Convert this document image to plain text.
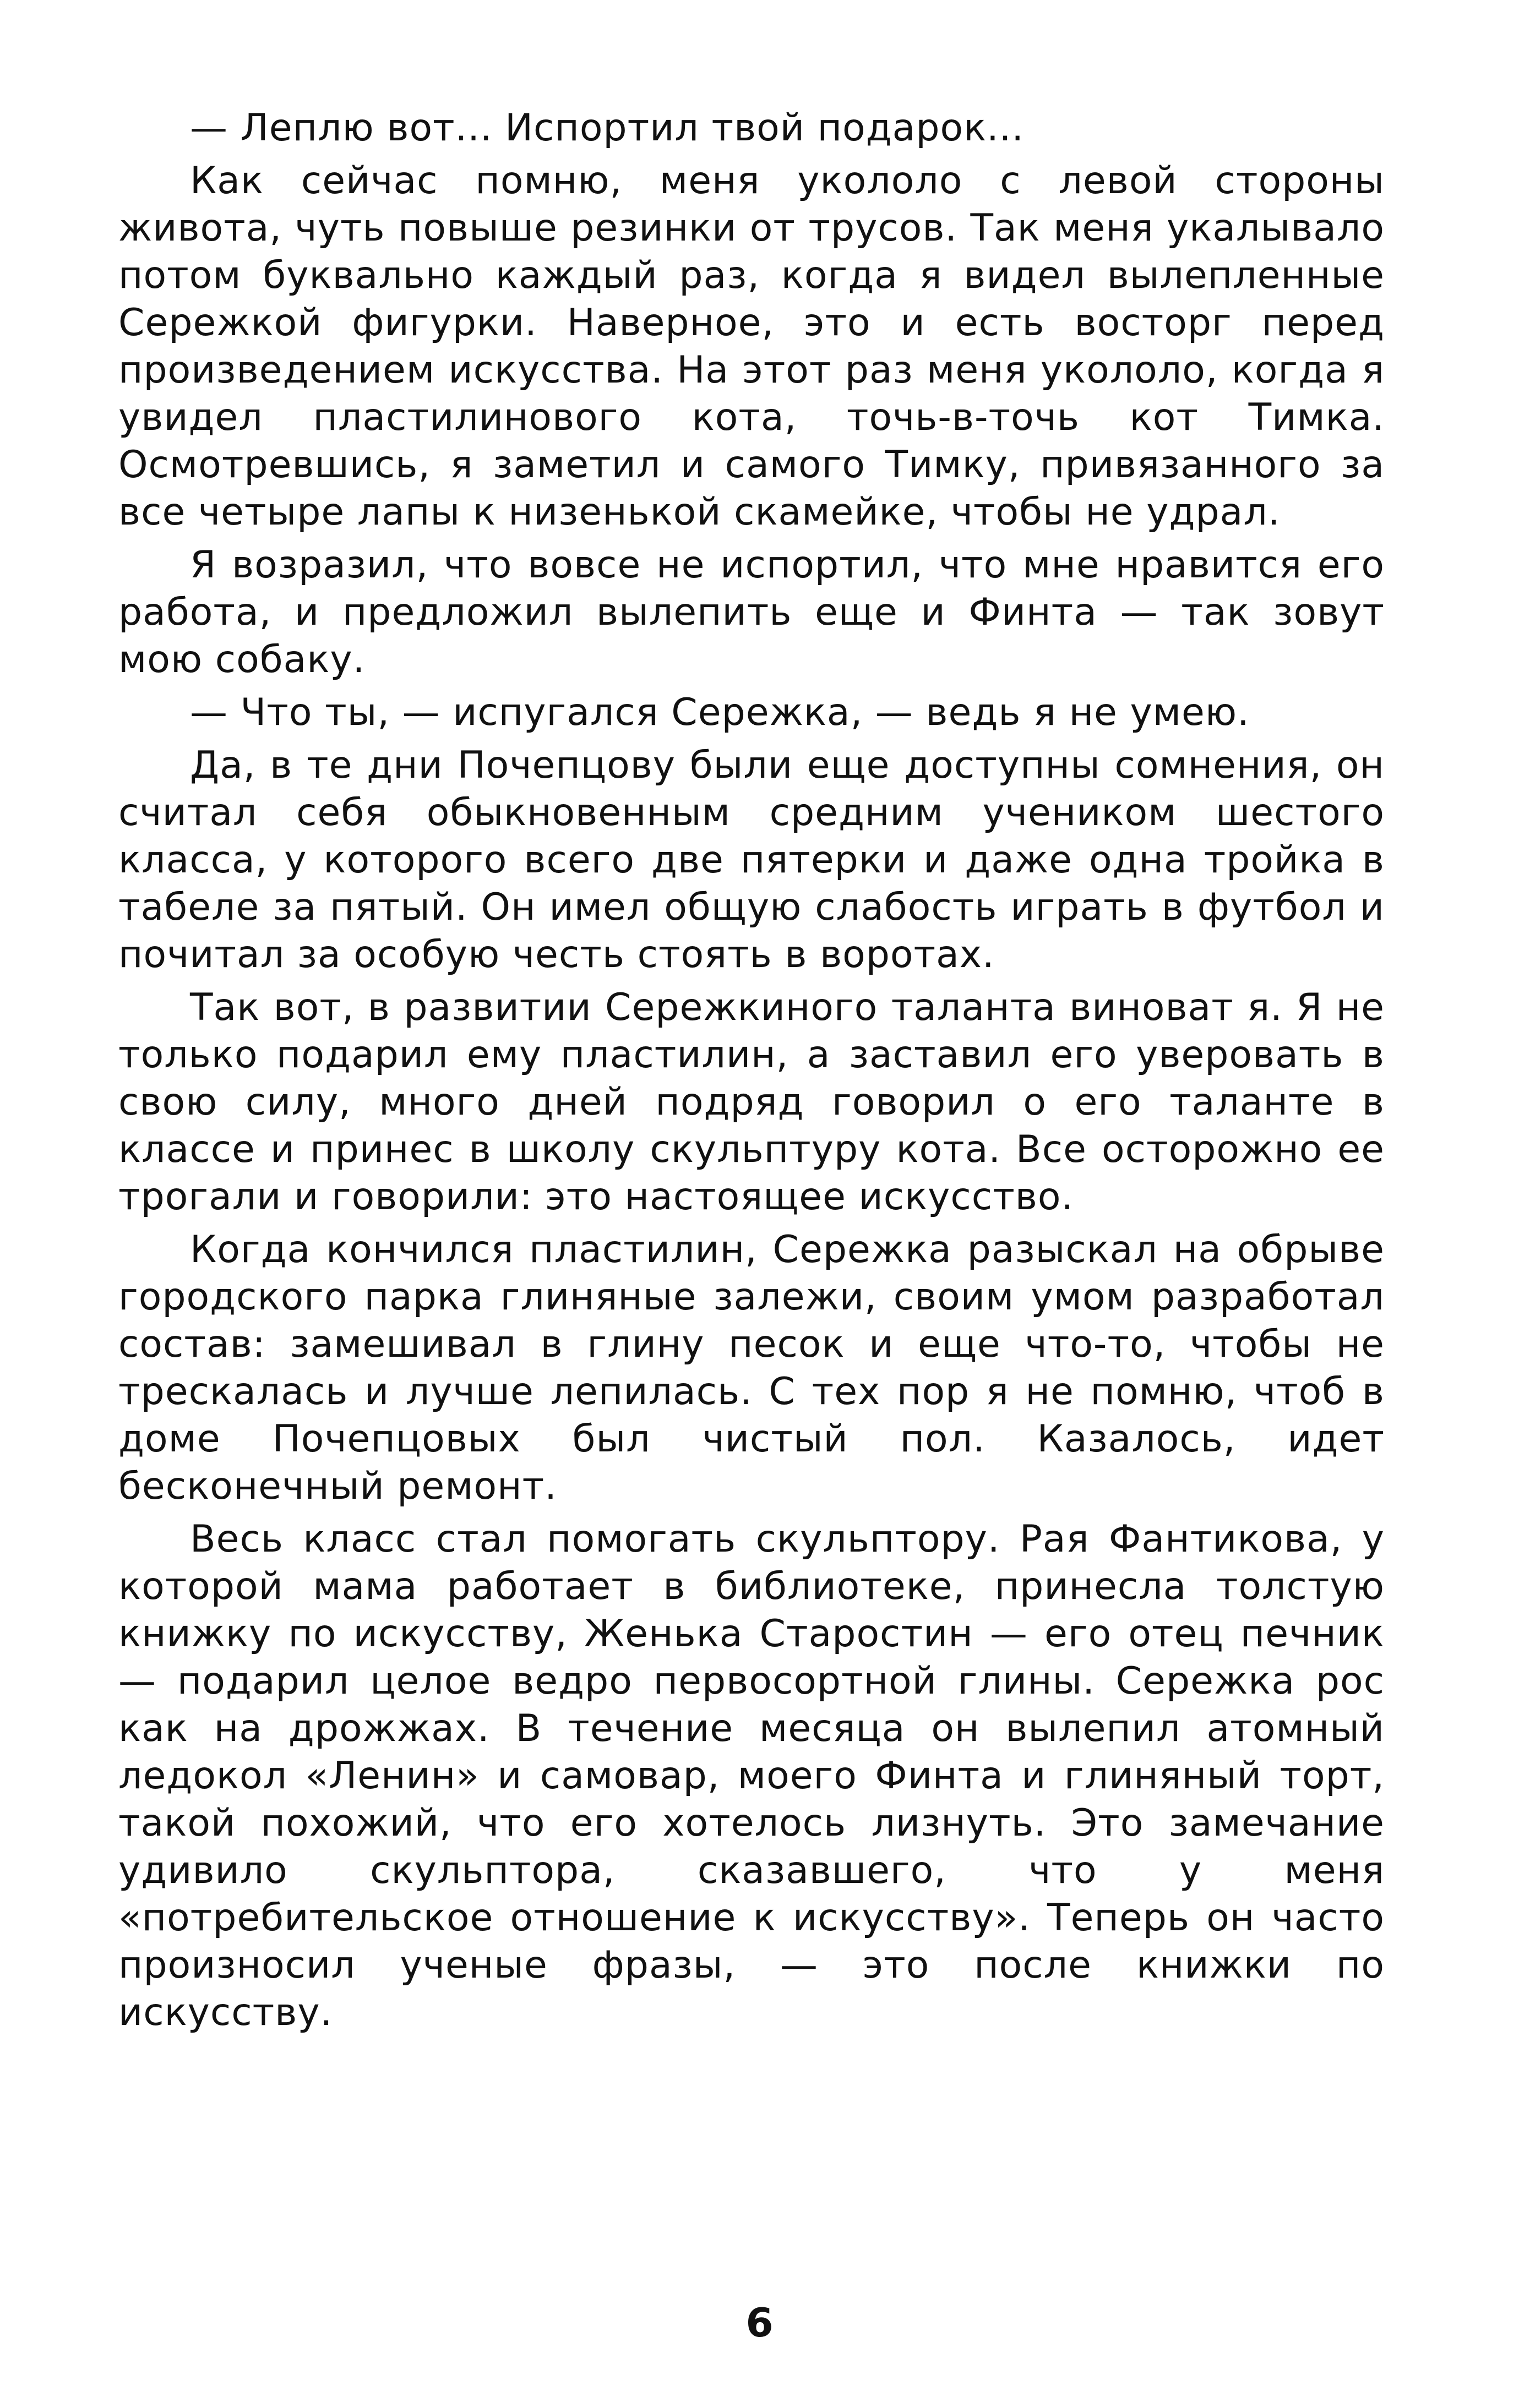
— Леплю вот... Испортил твой подарок...

Как сейчас помню, меня укололо с левой стороны живота, чуть повыше резинки от трусов. Так меня укалывало потом буквально каждый раз, когда я видел вылепленные Сережкой фигурки. Наверное, это и есть восторг перед произведением искусства. На этот раз меня укололо, когда я увидел пластилинового кота, точь-в-точь кот Тимка. Осмотревшись, я заметил и самого Тимку, привязанного за все четыре лапы к низенькой скамейке, чтобы не удрал.

Я возразил, что вовсе не испортил, что мне нравится его работа, и предложил вылепить еще и Финта — так зовут мою собаку.

— Что ты, — испугался Сережка, — ведь я не умею.

Да, в те дни Почепцову были еще доступны сомнения, он считал себя обыкновенным средним учеником шестого класса, у которого всего две пятерки и даже одна тройка в табеле за пятый. Он имел общую слабость играть в футбол и почитал за особую честь стоять в воротах.

Так вот, в развитии Сережкиного таланта виноват я. Я не только подарил ему пластилин, а заставил его уверовать в свою силу, много дней подряд говорил о его таланте в классе и принес в школу скульптуру кота. Все осторожно ее трогали и говорили: это настоящее искусство.

Когда кончился пластилин, Сережка разыскал на обрыве городского парка глиняные залежи, своим умом разработал состав: замешивал в глину песок и еще что-то, чтобы не трескалась и лучше лепилась. С тех пор я не помню, чтоб в доме Почепцовых был чистый пол. Казалось, идет бесконечный ремонт.

Весь класс стал помогать скульптору. Рая Фантикова, у которой мама работает в библиотеке, принесла толстую книжку по искусству, Женька Старостин — его отец печник — подарил целое ведро первосортной глины. Сережка рос как на дрожжах. В течение месяца он вылепил атомный ледокол «Ленин» и самовар, моего Финта и глиняный торт, такой похожий, что его хотелось лизнуть. Это замечание удивило скульптора, сказавшего, что у меня «потребительское отношение к искусству». Теперь он часто произносил ученые фразы, — это после книжки по искусству.

6
